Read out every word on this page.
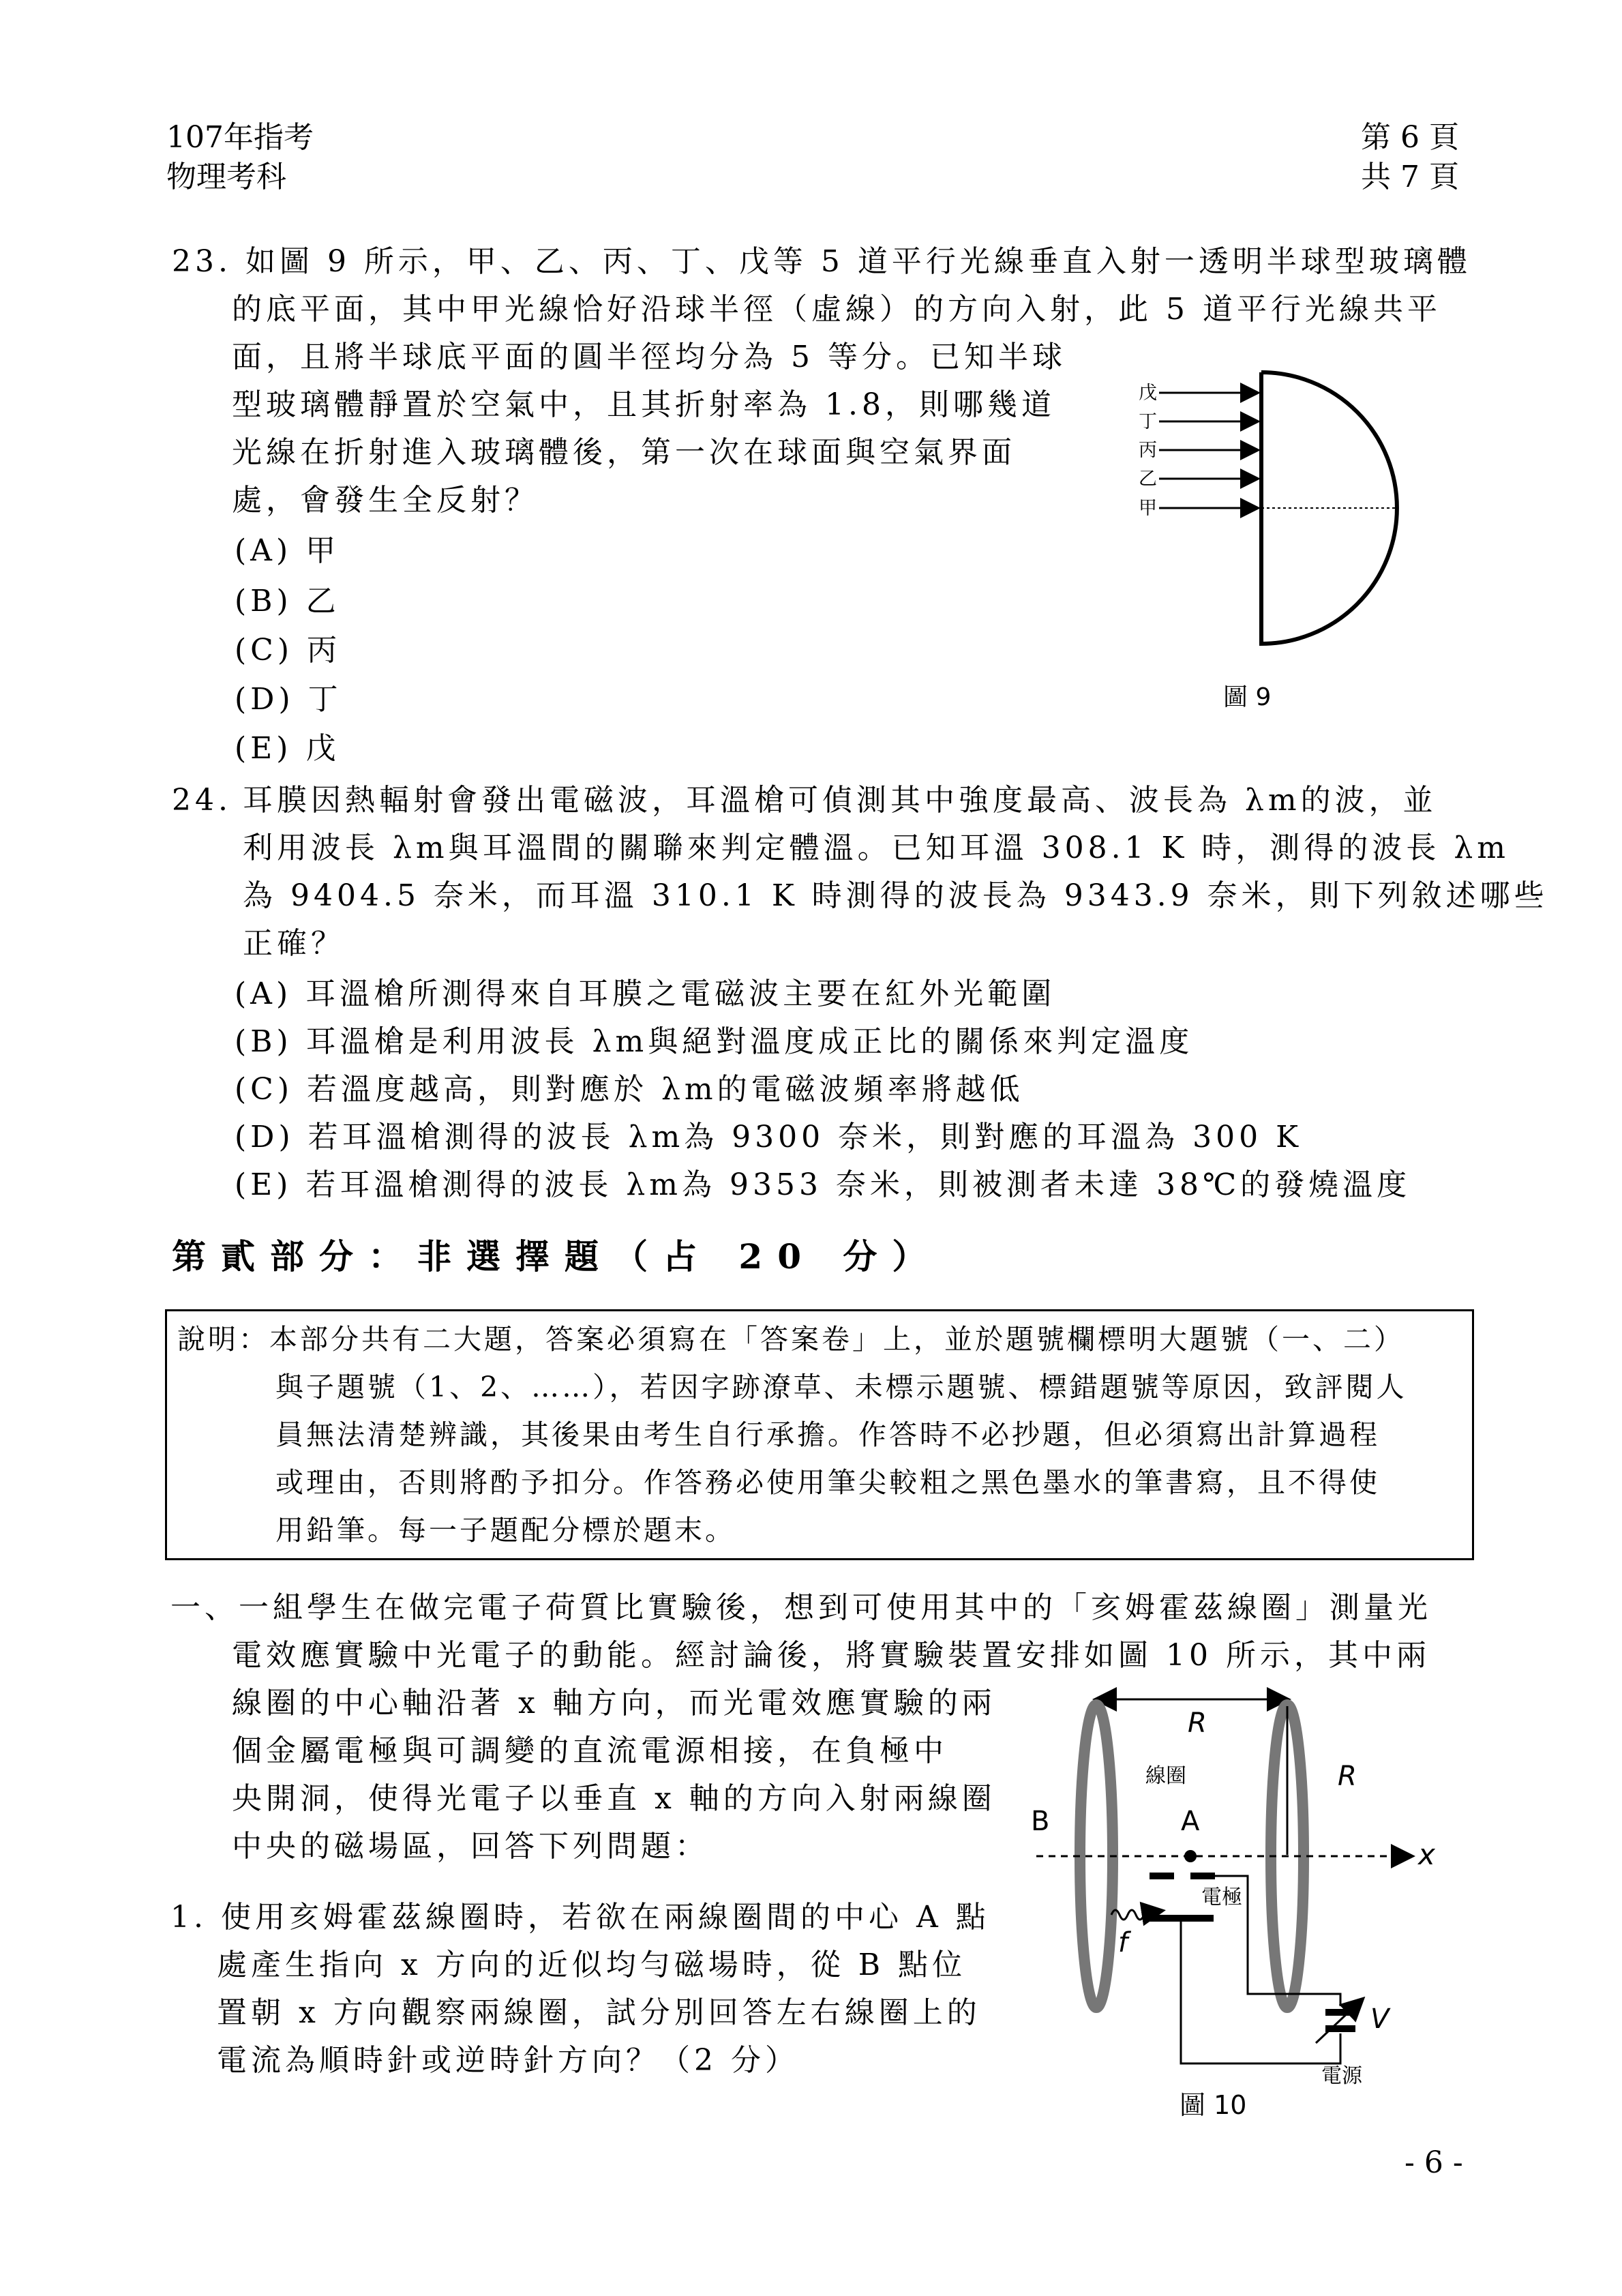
107年指考
物理考科
第 6 頁
共 7 頁
23. 如圖 9 所示，甲、乙、丙、丁、戊等 5 道平行光線垂直入射一透明半球型玻璃體
的底平面，其中甲光線恰好沿球半徑（虛線）的方向入射，此 5 道平行光線共平
面，且將半球底平面的圓半徑均分為 5 等分。已知半球
型玻璃體靜置於空氣中，且其折射率為 1.8，則哪幾道
光線在折射進入玻璃體後，第一次在球面與空氣界面
處，會發生全反射？
(A) 甲
(B) 乙
(C) 丙
(D) 丁
(E) 戊
戊
丁
丙
乙
甲
圖 9
24. 耳膜因熱輻射會發出電磁波，耳溫槍可偵測其中強度最高、波長為 λm的波，並
利用波長 λm與耳溫間的關聯來判定體溫。已知耳溫 308.1 K 時，測得的波長 λm
為 9404.5 奈米，而耳溫 310.1 K 時測得的波長為 9343.9 奈米，則下列敘述哪些
正確？
(A) 耳溫槍所測得來自耳膜之電磁波主要在紅外光範圍
(B) 耳溫槍是利用波長 λm與絕對溫度成正比的關係來判定溫度
(C) 若溫度越高，則對應於 λm的電磁波頻率將越低
(D) 若耳溫槍測得的波長 λm為 9300 奈米，則對應的耳溫為 300 K
(E) 若耳溫槍測得的波長 λm為 9353 奈米，則被測者未達 38℃的發燒溫度
第貳部分：非選擇題（占 20 分）
說明：本部分共有二大題，答案必須寫在「答案卷」上，並於題號欄標明大題號（一、二）
與子題號（1、2、……），若因字跡潦草、未標示題號、標錯題號等原因，致評閱人
員無法清楚辨識，其後果由考生自行承擔。作答時不必抄題，但必須寫出計算過程
或理由，否則將酌予扣分。作答務必使用筆尖較粗之黑色墨水的筆書寫，且不得使
用鉛筆。每一子題配分標於題末。
一、一組學生在做完電子荷質比實驗後，想到可使用其中的「亥姆霍茲線圈」測量光
電效應實驗中光電子的動能。經討論後，將實驗裝置安排如圖 10 所示，其中兩
線圈的中心軸沿著 x 軸方向，而光電效應實驗的兩
個金屬電極與可調變的直流電源相接，在負極中
央開洞，使得光電子以垂直 x 軸的方向入射兩線圈
中央的磁場區，回答下列問題：
1. 使用亥姆霍茲線圈時，若欲在兩線圈間的中心 A 點
處產生指向 x 方向的近似均勻磁場時，從 B 點位
置朝 x 方向觀察兩線圈，試分別回答左右線圈上的
電流為順時針或逆時針方向？（2 分）
R
R
線圈
x
B	A
電極
f
V
電源
圖 10
- 6 -
